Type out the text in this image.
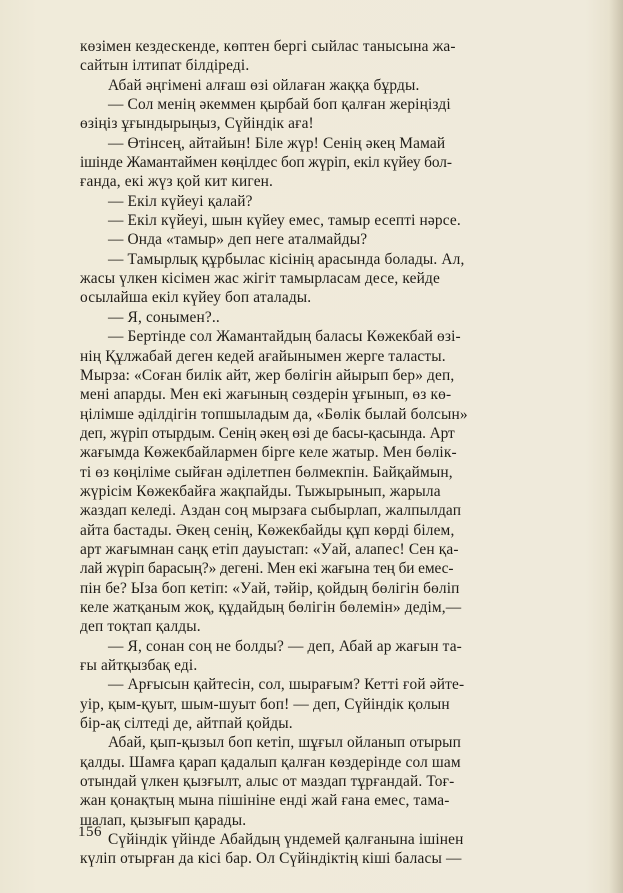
көзімен кездескенде, көптен бергі сыйлас танысына жа-

сайтын ілтипат білдіреді.

Абай әңгімені алғаш өзі ойлаған жаққа бұрды.

— Сол менің әкеммен қырбай боп қалған жеріңізді

өзіңіз ұғындырыңыз, Сүйіндік аға!

— Өтінсең, айтайын! Біле жүр! Сенің әкең Мамай

ішінде Жамантаймен көңілдес боп жүріп, екіл күйеу бол-

ғанда, екі жүз қой кит киген.

— Екіл күйеуі қалай?

— Екіл күйеуі, шын күйеу емес, тамыр есепті нәрсе.

— Онда «тамыр» деп неге аталмайды?

— Тамырлық құрбылас кісінің арасында болады. Ал,

жасы үлкен кісімен жас жігіт тамырласам десе, кейде

осылайша екіл күйеу боп аталады.

— Я, сонымен?..

— Бертінде сол Жамантайдың баласы Көжекбай өзі-

нің Құлжабай деген кедей ағайынымен жерге таласты.

Мырза: «Соған билік айт, жер бөлігін айырып бер» деп,

мені апарды. Мен екі жағының сөздерін ұғынып, өз кө-

ңілімше әділдігін топшыладым да, «Бөлік былай болсын»

деп, жүріп отырдым. Сенің әкең өзі де басы-қасында. Арт

жағымда Көжекбайлармен бірге келе жатыр. Мен бөлік-

ті өз көңіліме сыйған әділетпен бөлмекпін. Байқаймын,

жүрісім Көжекбайға жақпайды. Тыжырынып, жарыла

жаздап келеді. Аздан соң мырзаға сыбырлап, жалпылдап

айта бастады. Әкең сенің, Көжекбайды құп көрді білем,

арт жағымнан саңқ етіп дауыстап: «Уай, алапес! Сен қа-

лай жүріп барасың?» дегені. Мен екі жағына тең би емес-

пін бе? Ыза боп кетіп: «Уай, тәйір, қойдың бөлігін бөліп

келе жатқаным жоқ, құдайдың бөлігін бөлемін» дедім,—

деп тоқтап қалды.

— Я, сонан соң не болды? — деп, Абай ар жағын та-

ғы айтқызбақ еді.

— Арғысын қайтесін, сол, шырағым? Кетті ғой әйте-

уір, қым-қуыт, шым-шуыт боп! — деп, Сүйіндік қолын

бір-ақ сілтеді де, айтпай қойды.

Абай, қып-қызыл боп кетіп, шұғыл ойланып отырып

қалды. Шамға қарап қадалып қалған көздерінде сол шам

отындай үлкен қызғылт, алыс от маздап тұрғандай. Тоғ-

жан қонақтың мына пішініне енді жай ғана емес, тама-

шалап, қызығып қарады.

Сүйіндік үйінде Абайдың үндемей қалғанына ішінен

күліп отырған да кісі бар. Ол Сүйіндіктің кіші баласы —

156
